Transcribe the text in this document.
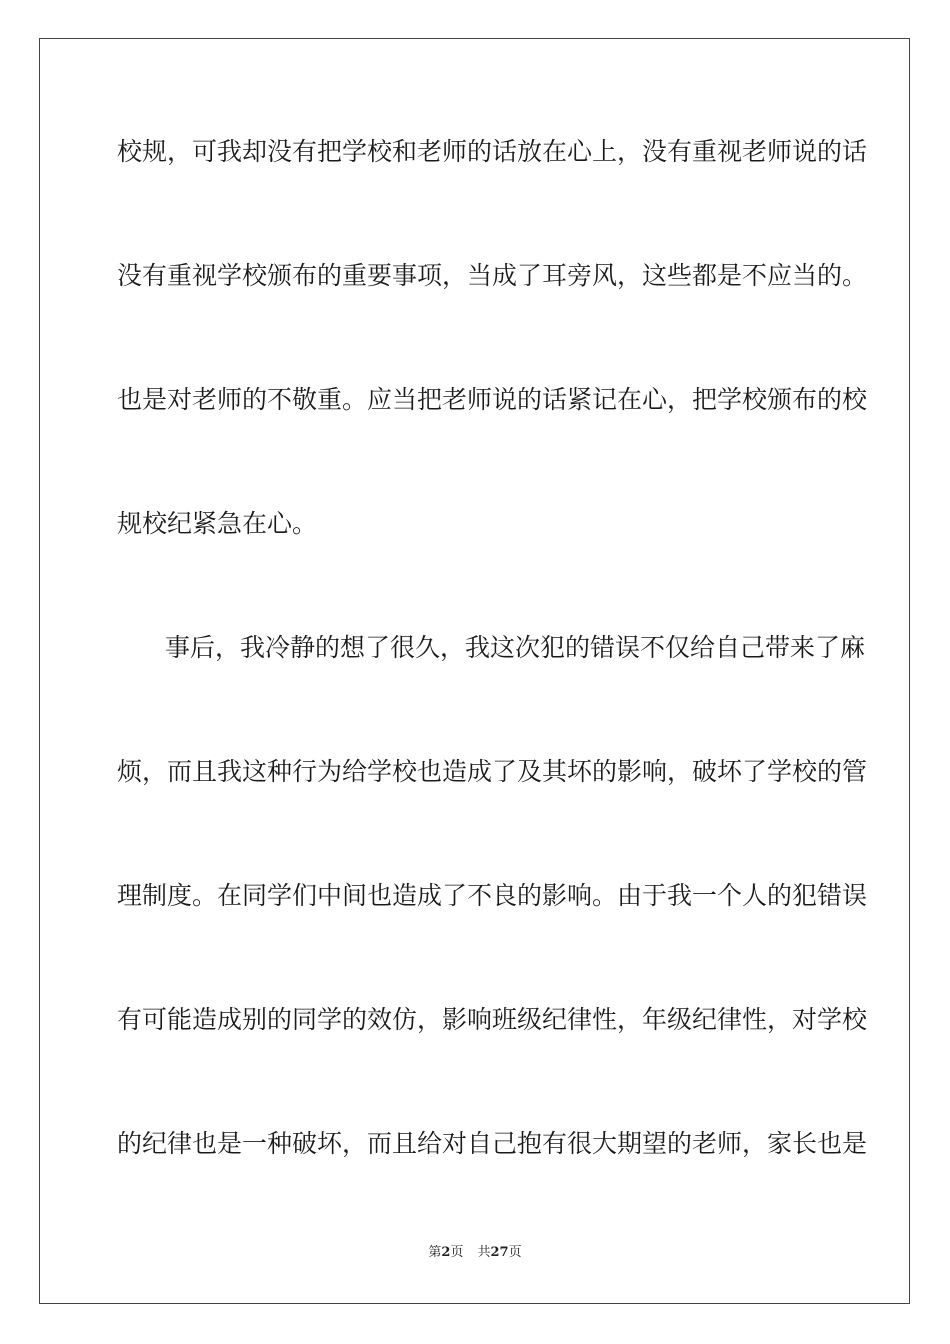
校规，可我却没有把学校和老师的话放在心上，没有重视老师说的话
没有重视学校颁布的重要事项，当成了耳旁风，这些都是不应当的。
也是对老师的不敬重。应当把老师说的话紧记在心，把学校颁布的校
规校纪紧急在心。
事后，我冷静的想了很久，我这次犯的错误不仅给自己带来了麻
烦，而且我这种行为给学校也造成了及其坏的影响，破坏了学校的管
理制度。在同学们中间也造成了不良的影响。由于我一个人的犯错误
有可能造成别的同学的效仿，影响班级纪律性，年级纪律性，对学校
的纪律也是一种破坏，而且给对自己抱有很大期望的老师，家长也是
第2页 共27页
